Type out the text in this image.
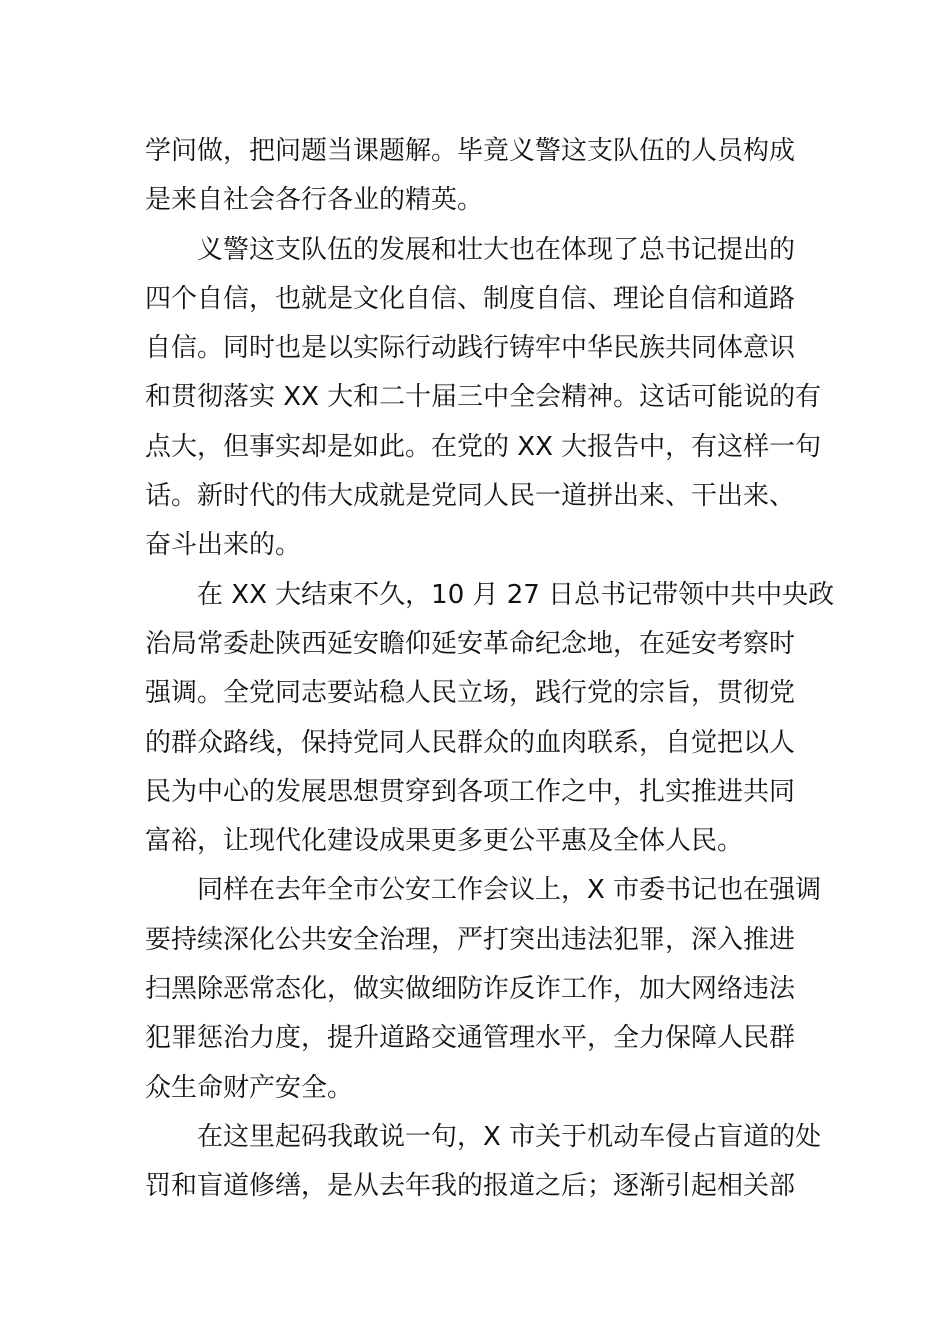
学问做，把问题当课题解。毕竟义警这支队伍的人员构成
是来自社会各行各业的精英。
义警这支队伍的发展和壮大也在体现了总书记提出的
四个自信，也就是文化自信、制度自信、理论自信和道路
自信。同时也是以实际行动践行铸牢中华民族共同体意识
和贯彻落实 XX 大和二十届三中全会精神。这话可能说的有
点大，但事实却是如此。在党的 XX 大报告中，有这样一句
话。新时代的伟大成就是党同人民一道拼出来、干出来、
奋斗出来的。
在 XX 大结束不久，10 月 27 日总书记带领中共中央政
治局常委赴陕西延安瞻仰延安革命纪念地，在延安考察时
强调。全党同志要站稳人民立场，践行党的宗旨，贯彻党
的群众路线，保持党同人民群众的血肉联系，自觉把以人
民为中心的发展思想贯穿到各项工作之中，扎实推进共同
富裕，让现代化建设成果更多更公平惠及全体人民。
同样在去年全市公安工作会议上，X 市委书记也在强调
要持续深化公共安全治理，严打突出违法犯罪，深入推进
扫黑除恶常态化，做实做细防诈反诈工作，加大网络违法
犯罪惩治力度，提升道路交通管理水平，全力保障人民群
众生命财产安全。
在这里起码我敢说一句，X 市关于机动车侵占盲道的处
罚和盲道修缮，是从去年我的报道之后；逐渐引起相关部
